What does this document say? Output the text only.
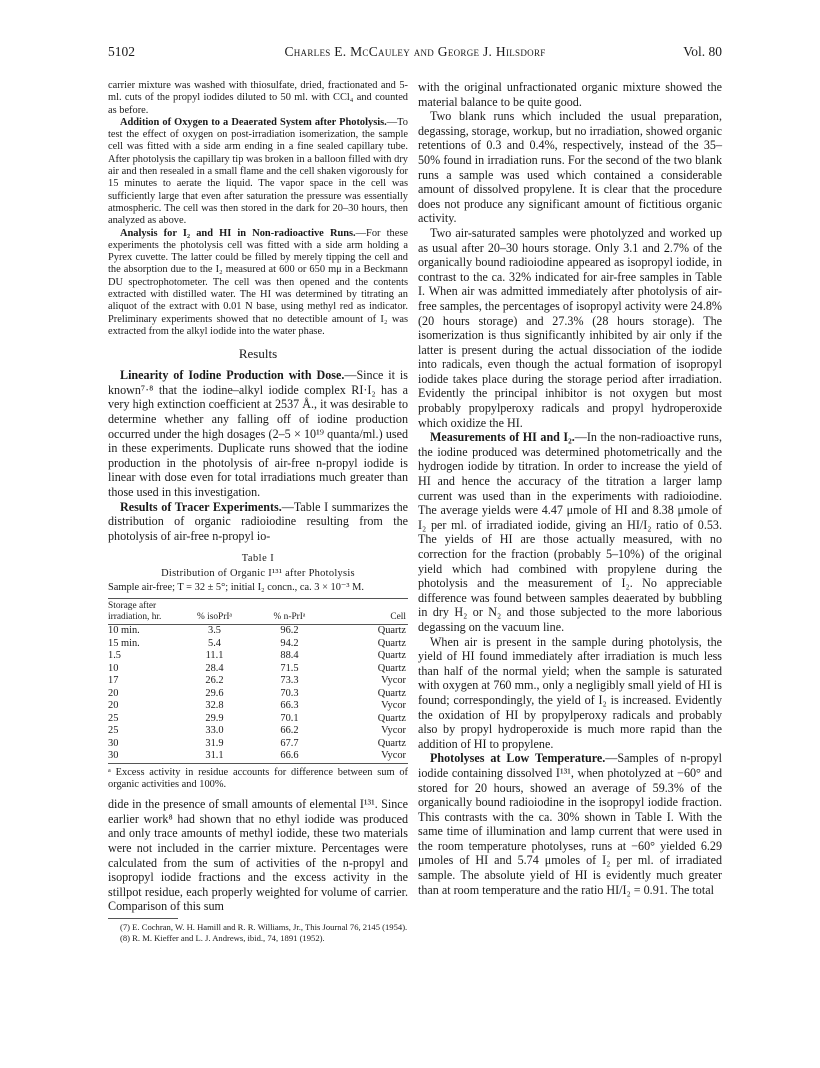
5102	Charles E. McCauley and George J. Hilsdorf	Vol. 80

carrier mixture was washed with thiosulfate, dried, fractionated and 5-ml. cuts of the propyl iodides diluted to 50 ml. with CCl₄ and counted as before.

Addition of Oxygen to a Deaerated System after Photolysis.—To test the effect of oxygen on post-irradiation isomerization, the sample cell was fitted with a side arm ending in a fine sealed capillary tube. After photolysis the capillary tip was broken in a balloon filled with dry air and then resealed in a small flame and the cell shaken vigorously for 15 minutes to aerate the liquid. The vapor space in the cell was sufficiently large that even after saturation the pressure was essentially atmospheric. The cell was then stored in the dark for 20–30 hours, then analyzed as above.

Analysis for I₂ and HI in Non-radioactive Runs.—For these experiments the photolysis cell was fitted with a side arm holding a Pyrex cuvette. The latter could be filled by merely tipping the cell and the absorption due to the I₂ measured at 600 or 650 mμ in a Beckmann DU spectrophotometer. The cell was then opened and the contents extracted with distilled water. The HI was determined by titrating an aliquot of the extract with 0.01 N base, using methyl red as indicator. Preliminary experiments showed that no detectible amount of I₂ was extracted from the alkyl iodide into the water phase.

Results

Linearity of Iodine Production with Dose.—Since it is known⁷·⁸ that the iodine–alkyl iodide complex RI·I₂ has a very high extinction coefficient at 2537 Å., it was desirable to determine whether any falling off of iodine production occurred under the high dosages (2–5 × 10¹⁹ quanta/ml.) used in these experiments. Duplicate runs showed that the iodine production in the photolysis of air-free n-propyl iodide is linear with dose even for total irradiations much greater than those used in this investigation.

Results of Tracer Experiments.—Table I summarizes the distribution of organic radioiodine resulting from the photolysis of air-free n-propyl io-

Table I
Distribution of Organic I¹³¹ after Photolysis
Sample air-free; T = 32 ± 5°; initial I₂ concn., ca. 3 × 10⁻³ M.
Storage after irradiation, hr.	% isoPrIᵃ	% n-PrIᵃ	Cell
10 min.	3.5	96.2	Quartz
15 min.	5.4	94.2	Quartz
1.5	11.1	88.4	Quartz
10	28.4	71.5	Quartz
17	26.2	73.3	Vycor
20	29.6	70.3	Quartz
20	32.8	66.3	Vycor
25	29.9	70.1	Quartz
25	33.0	66.2	Vycor
30	31.9	67.7	Quartz
30	31.1	66.6	Vycor

ᵃ Excess activity in residue accounts for difference between sum of organic activities and 100%.

dide in the presence of small amounts of elemental I¹³¹. Since earlier work⁸ had shown that no ethyl iodide was produced and only trace amounts of methyl iodide, these two materials were not included in the carrier mixture. Percentages were calculated from the sum of activities of the n-propyl and isopropyl iodide fractions and the excess activity in the stillpot residue, each properly weighted for volume of carrier. Comparison of this sum

(7) E. Cochran, W. H. Hamill and R. R. Williams, Jr., This Journal 76, 2145 (1954).

(8) R. M. Kieffer and L. J. Andrews, ibid., 74, 1891 (1952).

with the original unfractionated organic mixture showed the material balance to be quite good.

Two blank runs which included the usual preparation, degassing, storage, workup, but no irradiation, showed organic retentions of 0.3 and 0.4%, respectively, instead of the 35–50% found in irradiation runs. For the second of the two blank runs a sample was used which contained a considerable amount of dissolved propylene. It is clear that the procedure does not produce any significant amount of fictitious organic activity.

Two air-saturated samples were photolyzed and worked up as usual after 20–30 hours storage. Only 3.1 and 2.7% of the organically bound radioiodine appeared as isopropyl iodide, in contrast to the ca. 32% indicated for air-free samples in Table I. When air was admitted immediately after photolysis of air-free samples, the percentages of isopropyl activity were 24.8% (20 hours storage) and 27.3% (28 hours storage). The isomerization is thus significantly inhibited by air only if the latter is present during the actual dissociation of the iodide into radicals, even though the actual formation of isopropyl iodide takes place during the storage period after irradiation. Evidently the principal inhibitor is not oxygen but most probably propylperoxy radicals and propyl hydroperoxide which oxidize the HI.

Measurements of HI and I₂.—In the non-radioactive runs, the iodine produced was determined photometrically and the hydrogen iodide by titration. In order to increase the yield of HI and hence the accuracy of the titration a larger lamp current was used than in the experiments with radioiodine. The average yields were 4.47 μmole of HI and 8.38 μmole of I₂ per ml. of irradiated iodide, giving an HI/I₂ ratio of 0.53. The yields of HI are those actually measured, with no correction for the fraction (probably 5–10%) of the original yield which had combined with propylene during the photolysis and the measurement of I₂. No appreciable difference was found between samples deaerated by bubbling in dry H₂ or N₂ and those subjected to the more laborious degassing on the vacuum line.

When air is present in the sample during photolysis, the yield of HI found immediately after irradiation is much less than half of the normal yield; when the sample is saturated with oxygen at 760 mm., only a negligibly small yield of HI is found; correspondingly, the yield of I₂ is increased. Evidently the oxidation of HI by propylperoxy radicals and probably also by propyl hydroperoxide is much more rapid than the addition of HI to propylene.

Photolyses at Low Temperature.—Samples of n-propyl iodide containing dissolved I¹³¹, when photolyzed at −60° and stored for 20 hours, showed an average of 59.3% of the organically bound radioiodine in the isopropyl iodide fraction. This contrasts with the ca. 30% shown in Table I. With the same time of illumination and lamp current that were used in the room temperature photolyses, runs at −60° yielded 6.29 μmoles of HI and 5.74 μmoles of I₂ per ml. of irradiated sample. The absolute yield of HI is evidently much greater than at room temperature and the ratio HI/I₂ = 0.91. The total
